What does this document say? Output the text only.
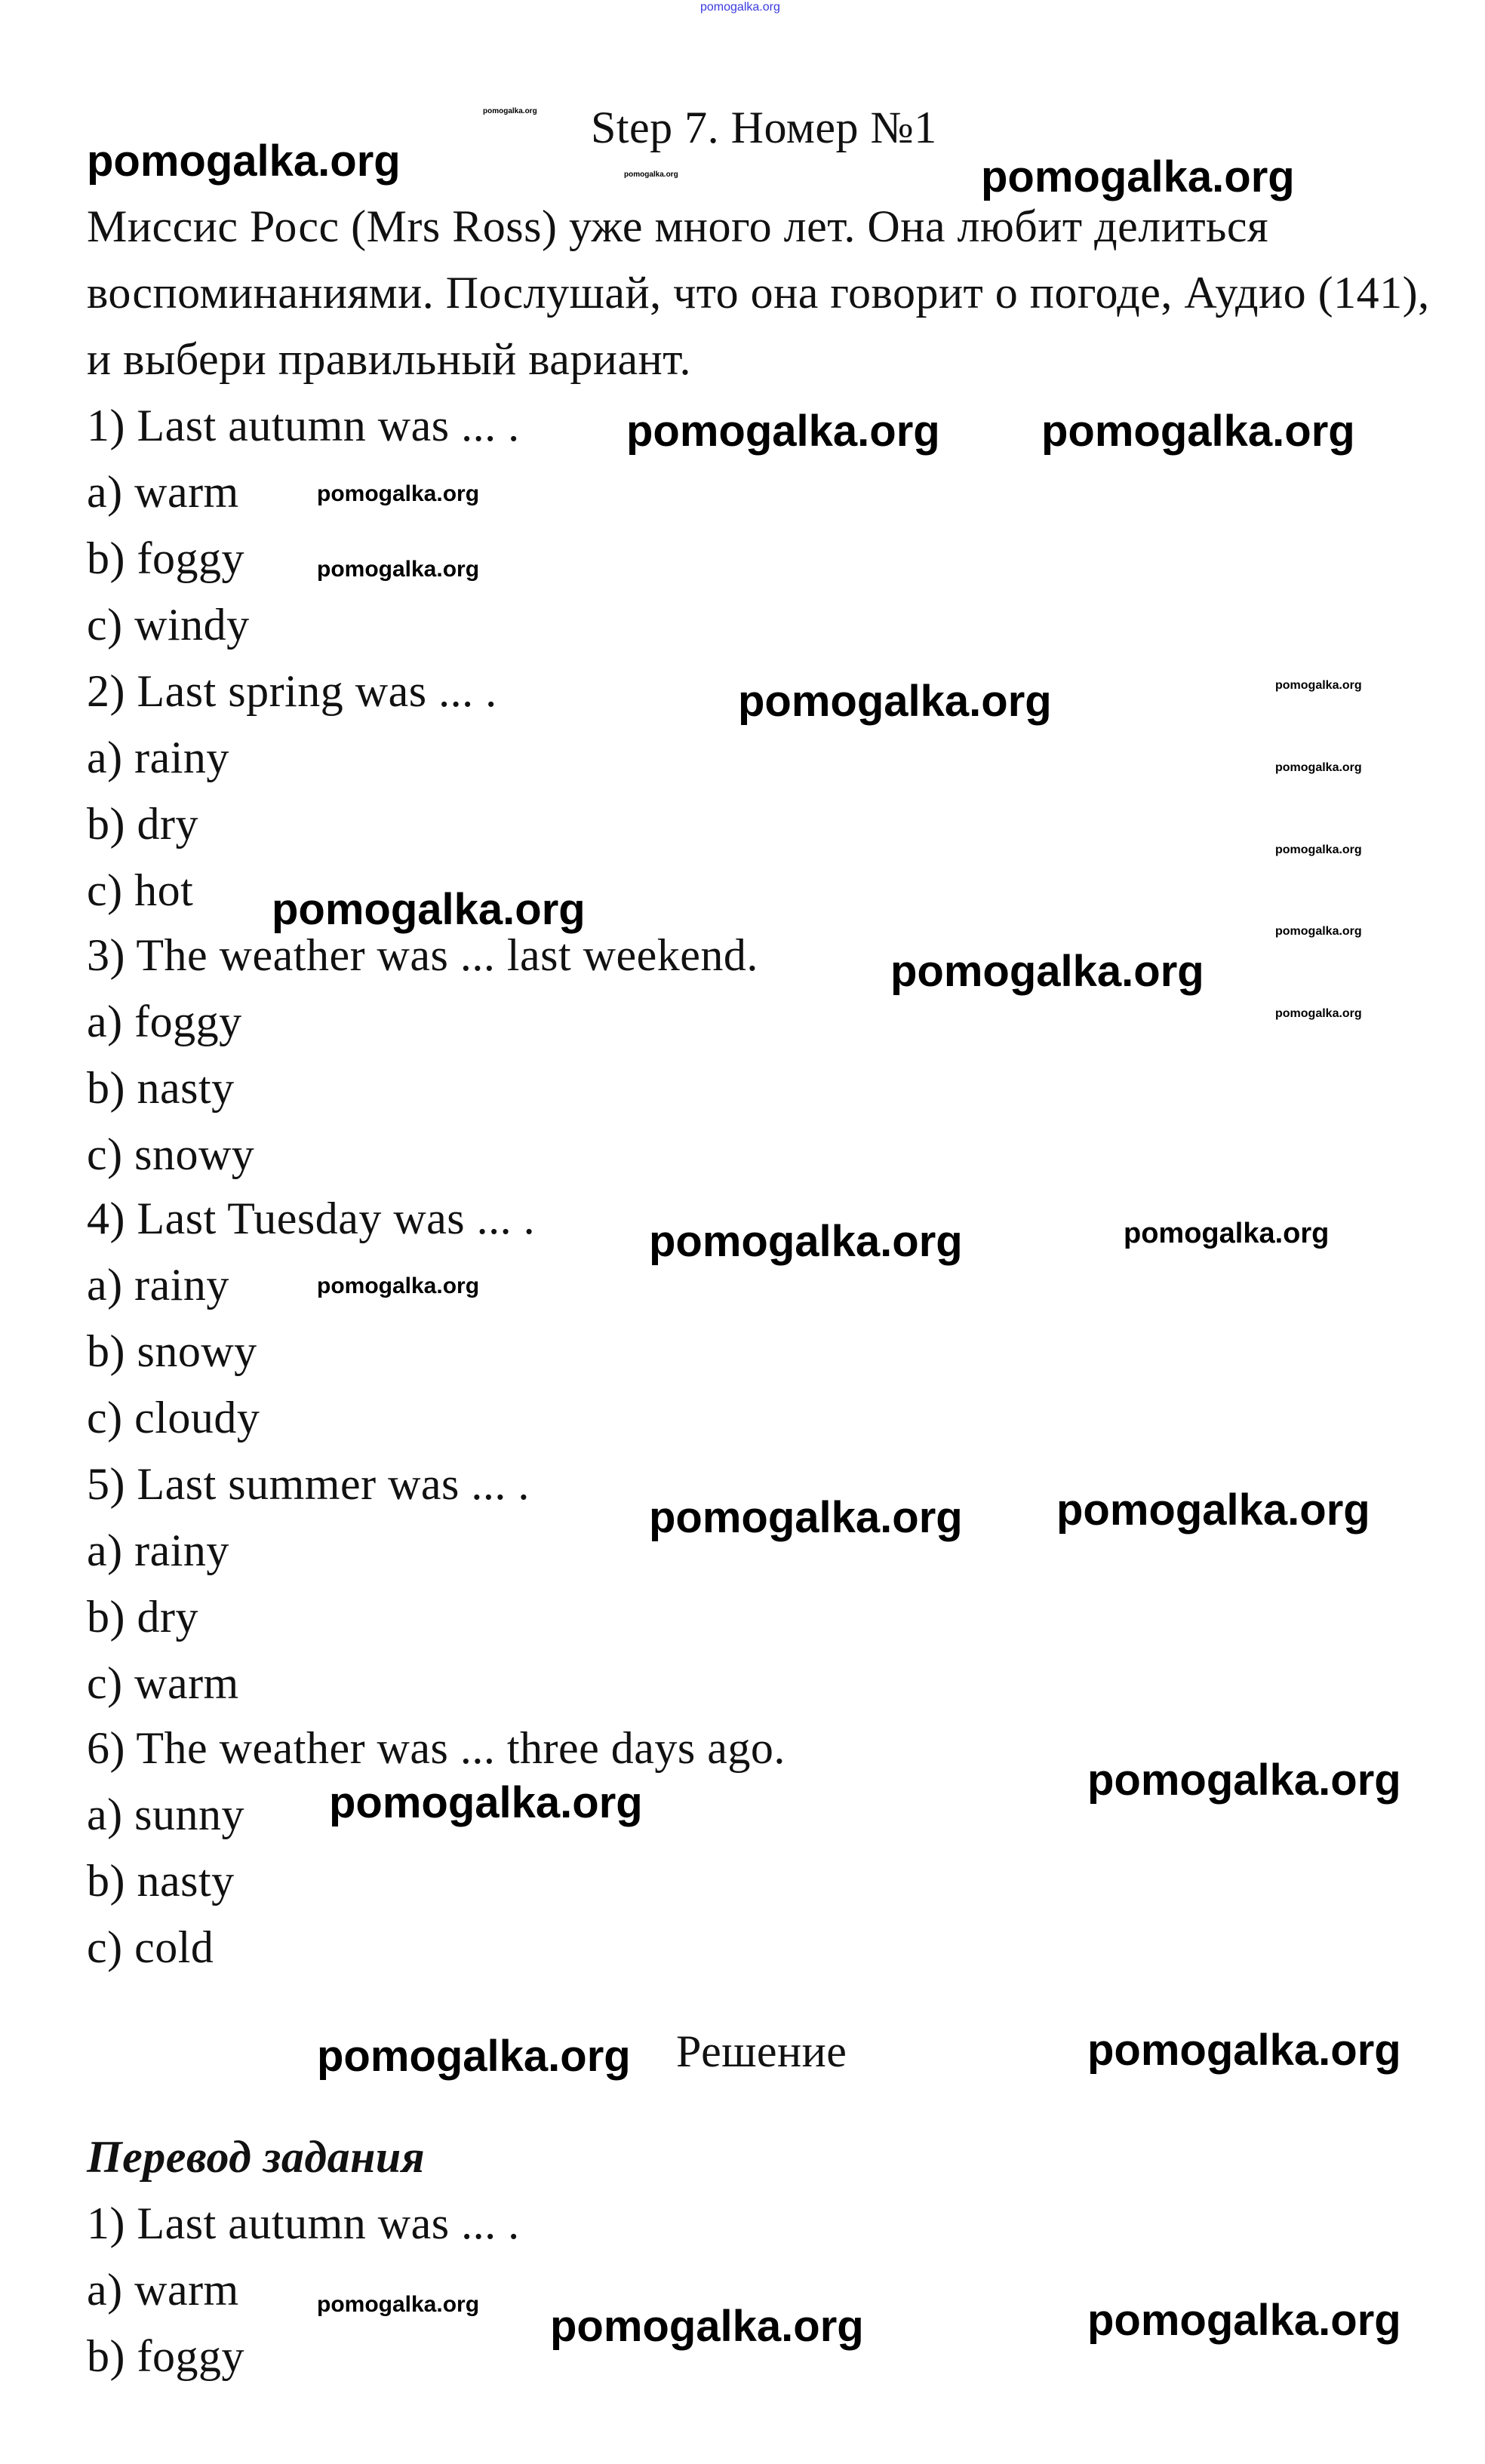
Step 7. Номер №1
Миссис Росс (Mrs Ross) уже много лет. Она любит делиться
воспоминаниями. Послушай, что она говорит о погоде, Аудио (141),
и выбери правильный вариант.
1) Last autumn was ... .
a) warm
b) foggy
c) windy
2) Last spring was ... .
a) rainy
b) dry
c) hot
3) The weather was ... last weekend.
a) foggy
b) nasty
c) snowy
4) Last Tuesday was ... .
a) rainy
b) snowy
c) cloudy
5) Last summer was ... .
a) rainy
b) dry
c) warm
6) The weather was ... three days ago.
a) sunny
b) nasty
c) cold
Решение
Перевод задания
1) Last autumn was ... .
a) warm
b) foggy
pomogalka.org
pomogalka.org
pomogalka.org
pomogalka.org	pomogalka.org
pomogalka.org pomogalka.org
pomogalka.org
pomogalka.org
pomogalka.org
pomogalka.org
pomogalka.org pomogalka.org
pomogalka.org	pomogalka.org
pomogalka.org	pomogalka.org
pomogalka.org	pomogalka.org
pomogalka.org
pomogalka.org
pomogalka.org
pomogalka.org
pomogalka.org
pomogalka.org
pomogalka.org
pomogalka.org
pomogalka.org
pomogalka.org
